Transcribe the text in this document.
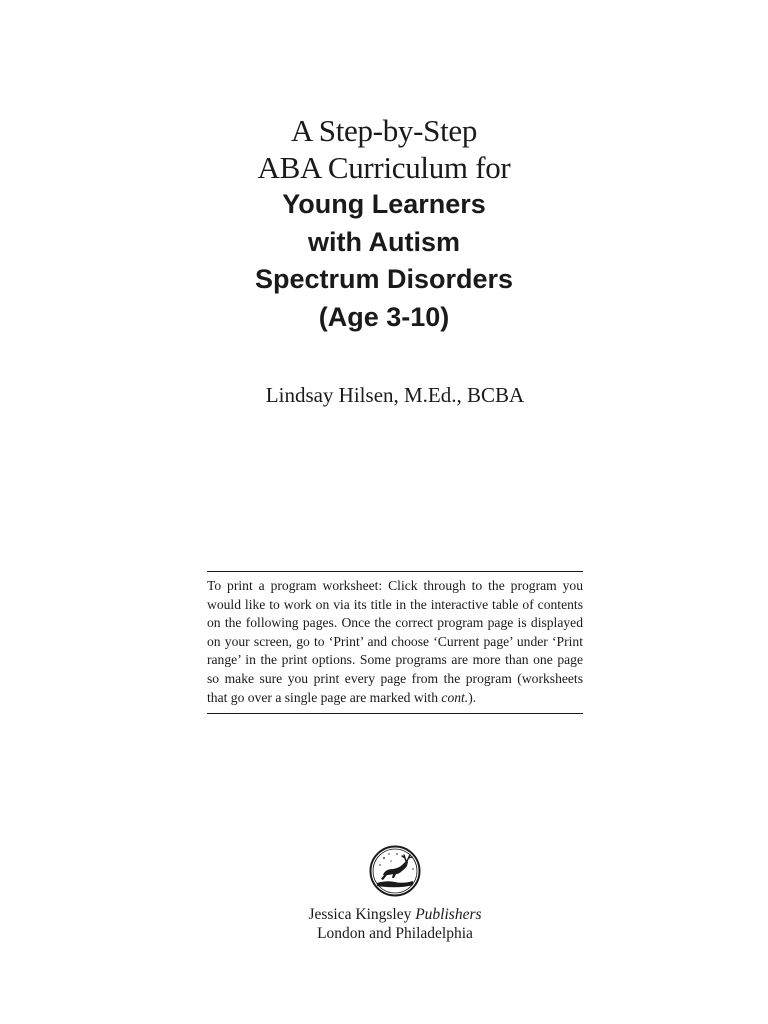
A Step-by-Step
ABA Curriculum for
Young Learners
with Autism
Spectrum Disorders
(Age 3-10)
Lindsay Hilsen, M.Ed., BCBA

To print a program worksheet: Click through to the program you would like to work on via its title in the interactive table of contents on the following pages. Once the correct program page is displayed on your screen, go to ‘Print’ and choose ‘Current page’ under ‘Print range’ in the print options. Some programs are more than one page so make sure you print every page from the program (worksheets that go over a single page are marked with cont.).

Jessica Kingsley Publishers
London and Philadelphia
